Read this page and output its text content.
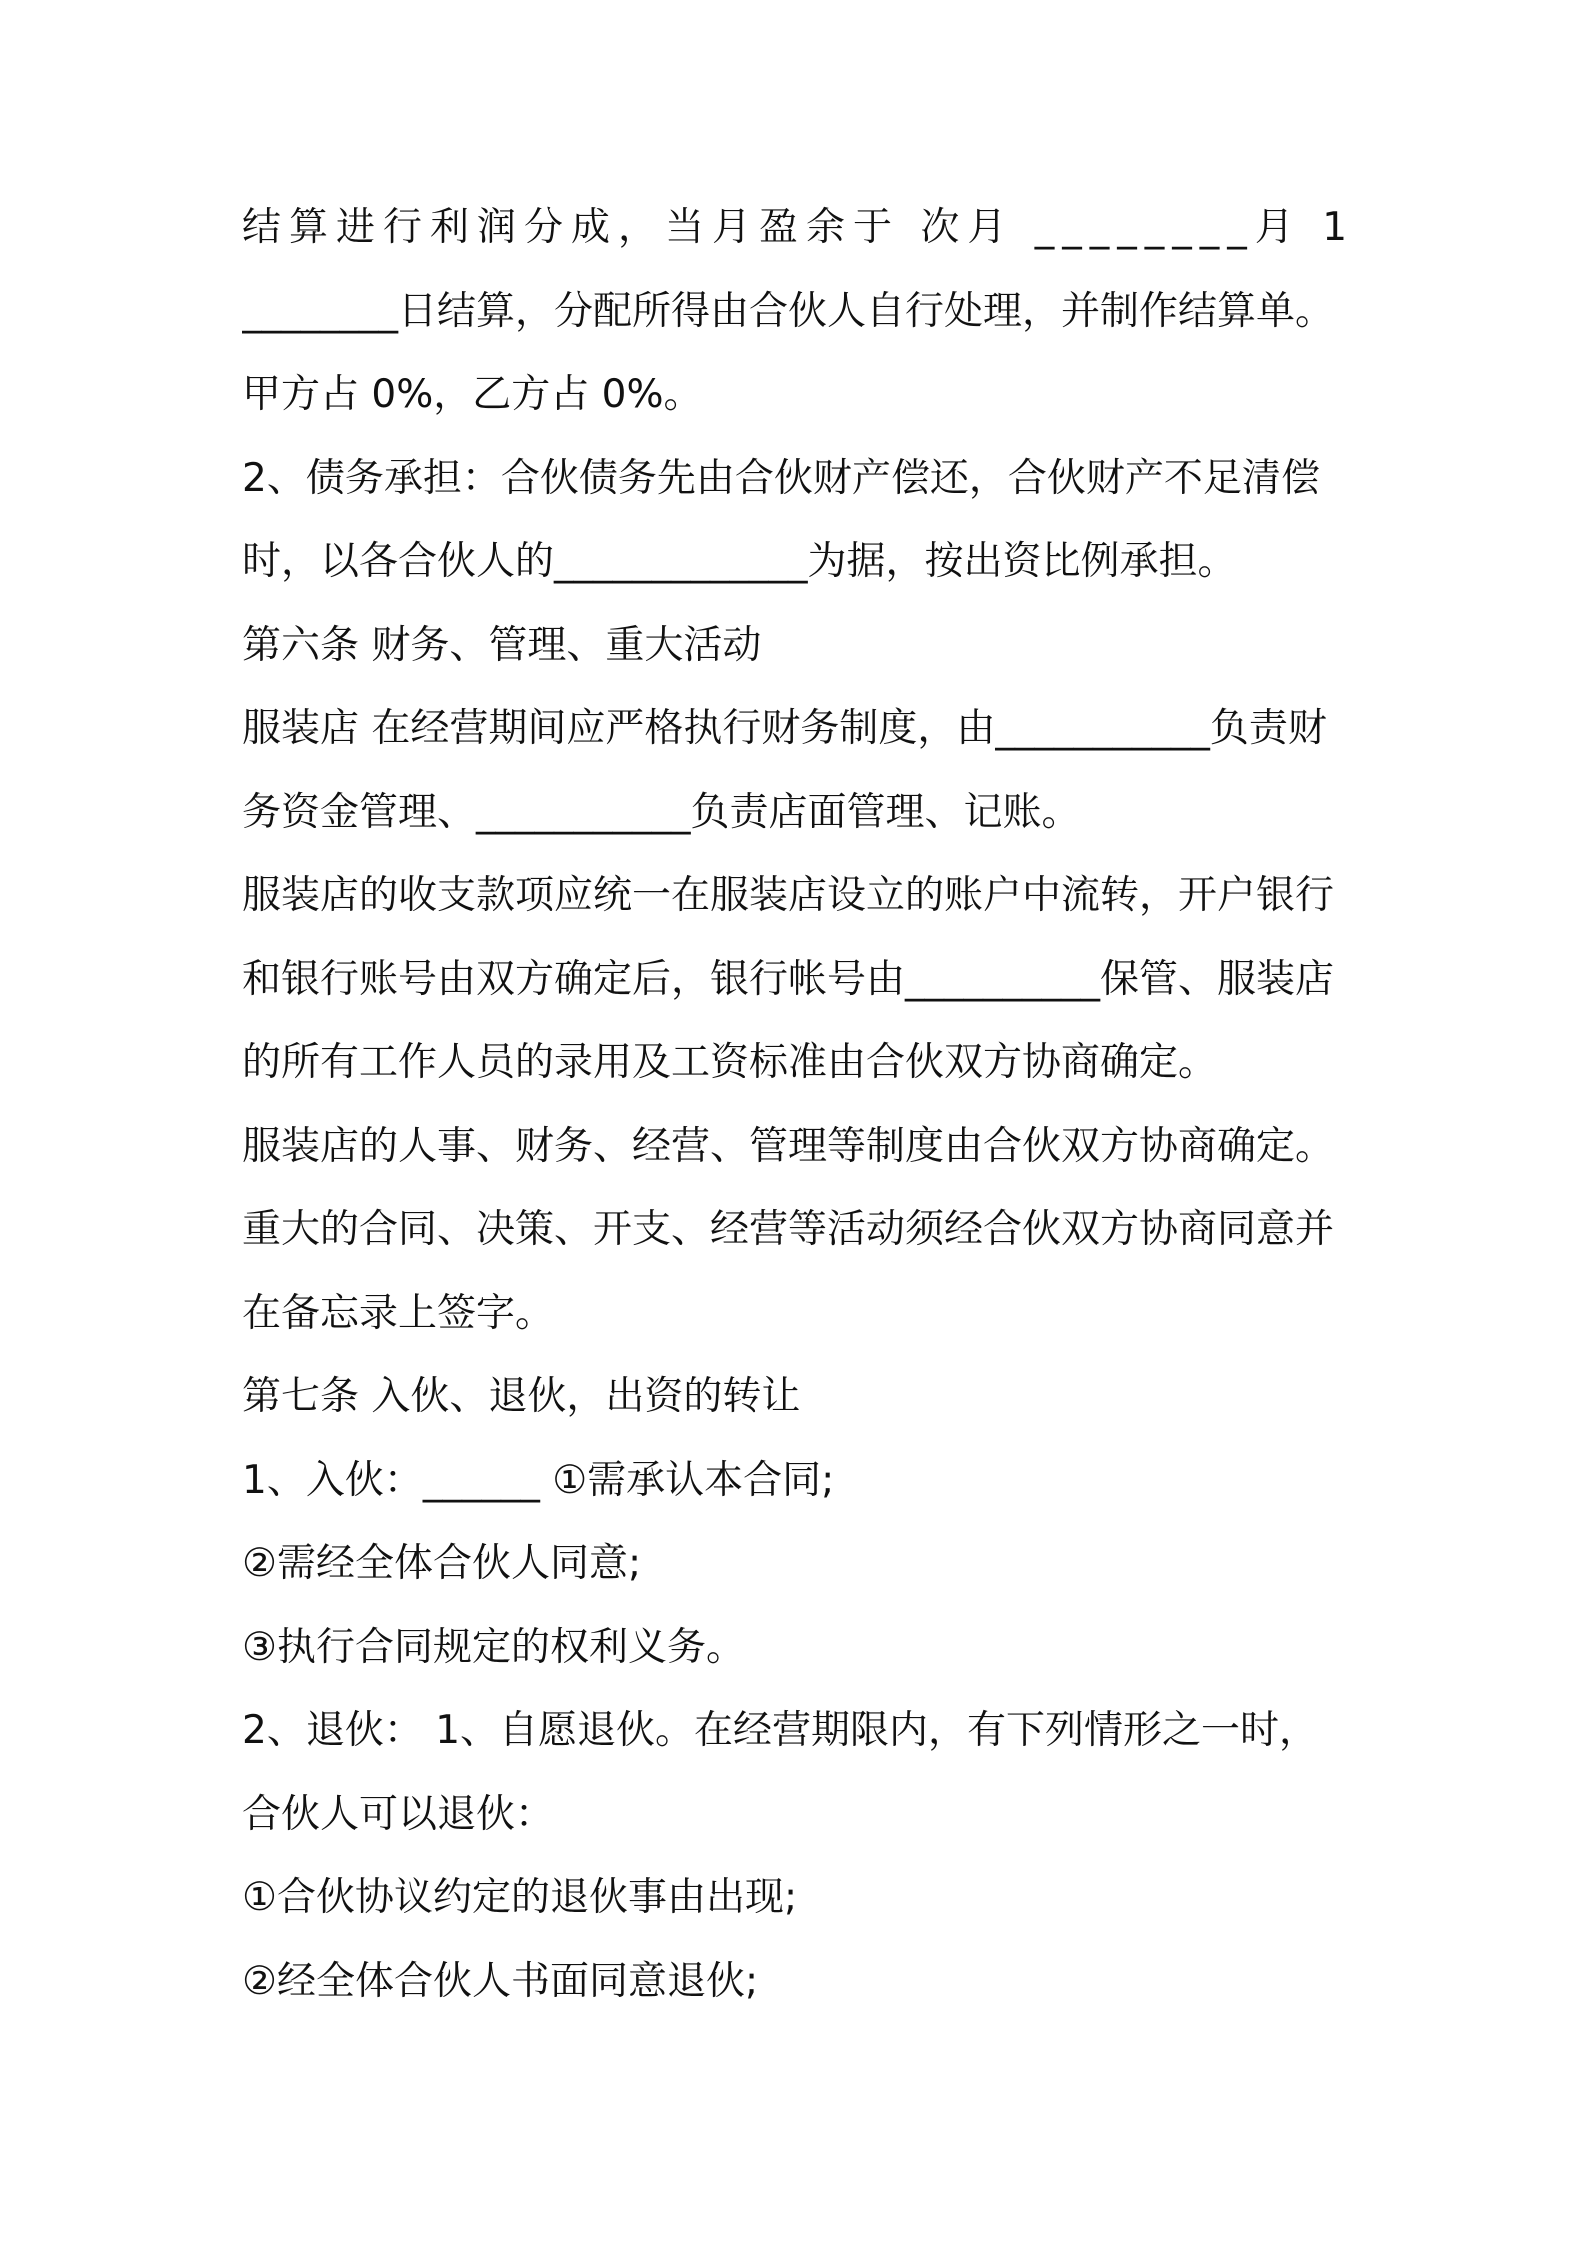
结算进行利润分成，当月盈余于 次月 ________月 1
________日结算，分配所得由合伙人自行处理，并制作结算单。
甲方占 0%，乙方占 0%。
2、债务承担：合伙债务先由合伙财产偿还，合伙财产不足清偿
时，以各合伙人的_____________为据，按出资比例承担。
第六条 财务、管理、重大活动
服装店 在经营期间应严格执行财务制度，由___________负责财
务资金管理、___________负责店面管理、记账。
服装店的收支款项应统一在服装店设立的账户中流转，开户银行
和银行账号由双方确定后，银行帐号由__________保管、服装店
的所有工作人员的录用及工资标准由合伙双方协商确定。
服装店的人事、财务、经营、管理等制度由合伙双方协商确定。
重大的合同、决策、开支、经营等活动须经合伙双方协商同意并
在备忘录上签字。
第七条 入伙、退伙，出资的转让
1、入伙：______ ①需承认本合同;
②需经全体合伙人同意;
③执行合同规定的权利义务。
2、退伙： 1、自愿退伙。在经营期限内，有下列情形之一时，
合伙人可以退伙：
①合伙协议约定的退伙事由出现;
②经全体合伙人书面同意退伙;
